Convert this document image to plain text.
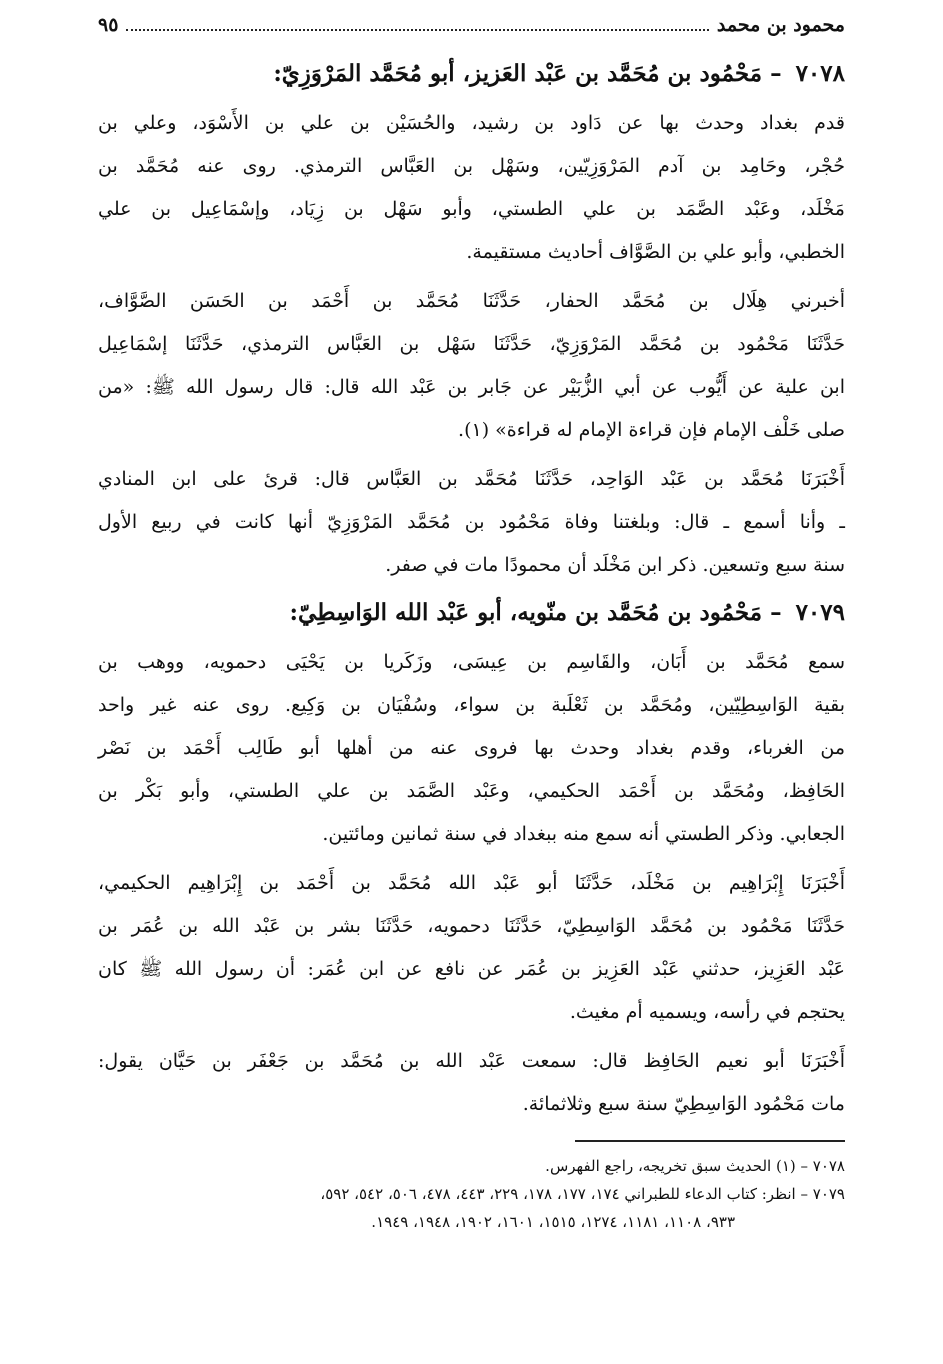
محمود بن محمد
٩٥
٧٠٧٨ – مَحْمُود بن مُحَمَّد بن عَبْد العَزيز، أبو مُحَمَّد المَرْوَزِيّ:

قدم بغداد وحدث بها عن دَاود بن رشيد، والحُسَيْن بن علي بن الأَسْوَد، وعلي بن
حُجْر، وحَامِد بن آدم المَرْوَزِيّين، وسَهْل بن العَبَّاس الترمذي. روى عنه مُحَمَّد بن
مَخْلَد، وعَبْد الصَّمَد بن علي الطستي، وأبو سَهْل بن زِيَاد، وإسْمَاعِيل بن علي
الخطبي، وأبو علي بن الصَّوَّاف أحاديث مستقيمة.

أخبرني هِلَال بن مُحَمَّد الحفار، حَدَّثَنَا مُحَمَّد بن أَحْمَد بن الحَسَن الصَّوَّاف،
حَدَّثَنَا مَحْمُود بن مُحَمَّد المَرْوَزِيّ، حَدَّثَنَا سَهْل بن العَبَّاس الترمذي، حَدَّثَنَا إسْمَاعِيل
ابن علية عن أَيُّوب عن أبي الزُّبَيْر عن جَابر بن عَبْد الله قال: قال رسول الله ﷺ: «من
صلى خَلْف الإمام فإن قراءة الإمام له قراءة» (١).

أَخْبَرَنَا مُحَمَّد بن عَبْد الوَاحِد، حَدَّثَنَا مُحَمَّد بن العَبَّاس قال: قرئ على ابن المنادي
ـ وأنا أسمع ـ قال: وبلغتنا وفاة مَحْمُود بن مُحَمَّد المَرْوَزِيّ أنها كانت في ربيع الأول
سنة سبع وتسعين. ذكر ابن مَخْلَد أن محمودًا مات في صفر.

٧٠٧٩ – مَحْمُود بن مُحَمَّد بن منّويه، أبو عَبْد الله الوَاسِطِيّ:

سمع مُحَمَّد بن أَبَان، والقَاسِم بن عِيسَى، وزَكَريا بن يَحْيَى دحمويه، ووهب بن
بقية الوَاسِطِيّين، ومُحَمَّد بن ثَعْلَبة بن سواء، وسُفْيَان بن وَكِيع. روى عنه غير واحد
من الغرباء، وقدم بغداد وحدث بها فروى عنه من أهلها أبو طَالِب أَحْمَد بن نَصْر
الحَافِظ، ومُحَمَّد بن أَحْمَد الحكيمي، وعَبْد الصَّمَد بن علي الطستي، وأبو بَكْر بن
الجعابي. وذكر الطستي أنه سمع منه ببغداد في سنة ثمانين ومائتين.

أَخْبَرَنَا إِبْرَاهِيم بن مَخْلَد، حَدَّثَنَا أبو عَبْد الله مُحَمَّد بن أَحْمَد بن إِبْرَاهِيم الحكيمي،
حَدَّثَنَا مَحْمُود بن مُحَمَّد الوَاسِطِيّ، حَدَّثَنَا دحمويه، حَدَّثَنَا بشر بن عَبْد الله بن عُمَر بن
عَبْد العَزِيز، حدثني عَبْد العَزِيز بن عُمَر عن نافع عن ابن عُمَر: أن رسول الله ﷺ كان
يحتجم في رأسه، ويسميه أم مغيث.

أَخْبَرَنَا أبو نعيم الحَافِظ قال: سمعت عَبْد الله بن مُحَمَّد بن جَعْفَر بن حَيَّان يقول:
مات مَحْمُود الوَاسِطِيّ سنة سبع وثلاثمائة.

٧٠٧٨ – (١) الحديث سبق تخريجه، راجع الفهرس.
٧٠٧٩ – انظر: كتاب الدعاء للطبراني ١٧٤، ١٧٧، ١٧٨، ٢٢٩، ٤٤٣، ٤٧٨، ٥٠٦، ٥٤٢، ٥٩٢،
٩٣٣، ١١٠٨، ١١٨١، ١٢٧٤، ١٥١٥، ١٦٠١، ١٩٠٢، ١٩٤٨، ١٩٤٩.
